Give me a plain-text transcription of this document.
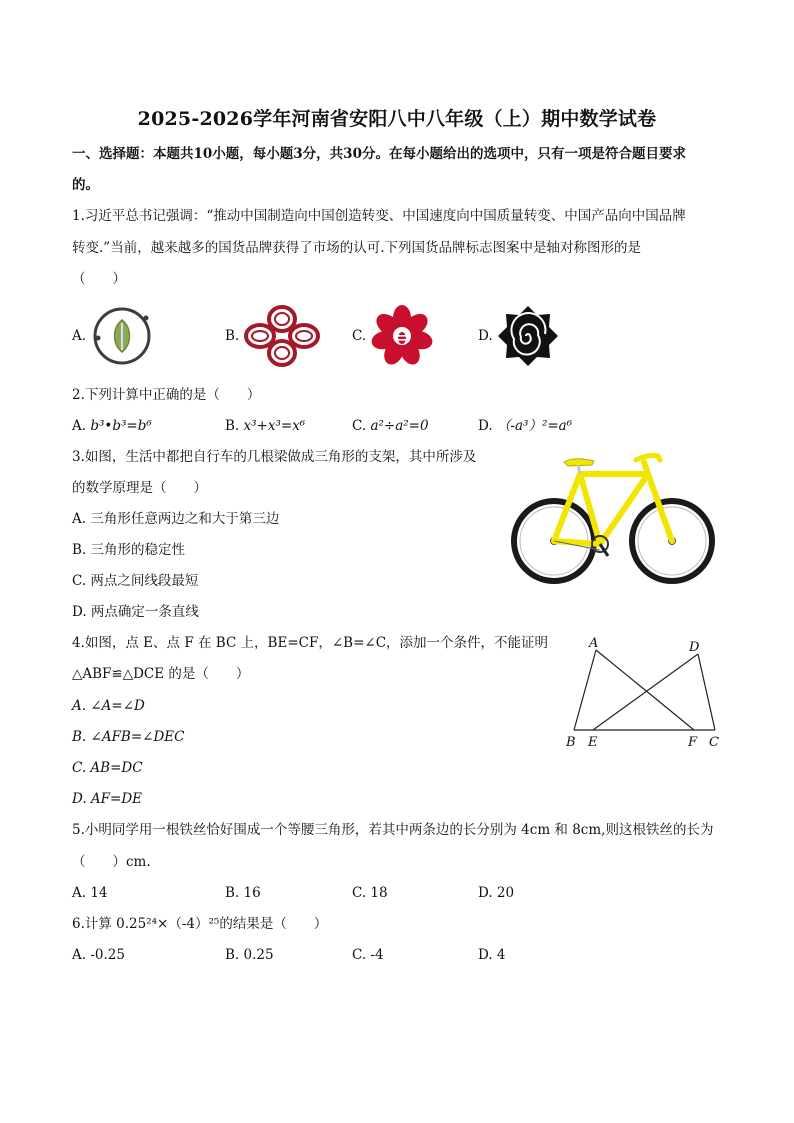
2025-2026学年河南省安阳八中八年级（上）期中数学试卷
一、选择题：本题共10小题，每小题3分，共30分。在每小题给出的选项中，只有一项是符合题目要求
的。
1.习近平总书记强调：“推动中国制造向中国创造转变、中国速度向中国质量转变、中国产品向中国品牌
转变.”当前，越来越多的国货品牌获得了市场的认可.下列国货品牌标志图案中是轴对称图形的是
（　　）
A.	B.	C.	D.
2.下列计算中正确的是（　　）
A. b³•b³=b⁶	B. x³+x³=x⁶	C. a²÷a²=0	D. （-a³）²=a⁶
3.如图，生活中都把自行车的几根梁做成三角形的支架，其中所涉及
的数学原理是（　　）
A. 三角形任意两边之和大于第三边
B. 三角形的稳定性
C. 两点之间线段最短
D. 两点确定一条直线
4.如图，点 E、点 F 在 BC 上，BE=CF，∠B=∠C，添加一个条件，不能证明
△ABF≌△DCE 的是（　　）
A. ∠A=∠D
B. ∠AFB=∠DEC
C. AB=DC
D. AF=DE
A	D
B E	F C
5.小明同学用一根铁丝恰好围成一个等腰三角形，若其中两条边的长分别为 4cm 和 8cm,则这根铁丝的长为
（　　）cm.
A. 14	B. 16	C. 18	D. 20
6.计算 0.25²⁴×（-4）²⁵的结果是（　　）
A. -0.25	B. 0.25	C. -4	D. 4
